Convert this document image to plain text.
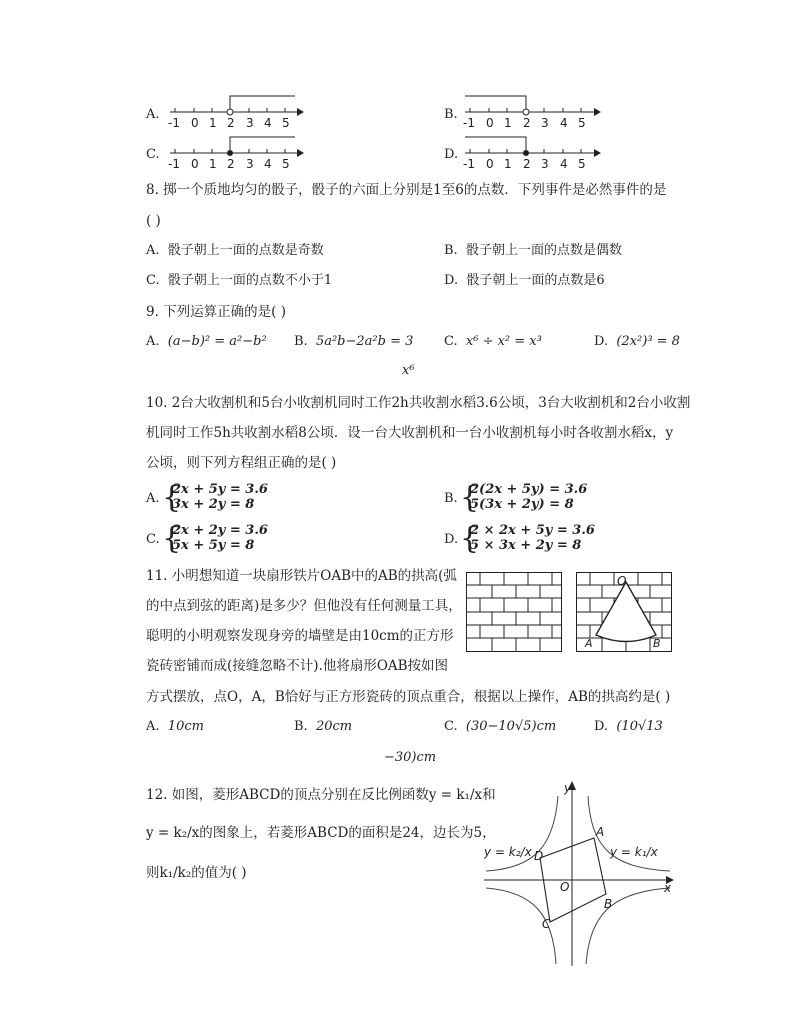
A.
-1 0 1 2 3 4 5
B.
-1 0 1 2 3 4 5
C.
-1 0 1 2 3 4 5
D.
-1 0 1 2 3 4 5
8. 掷一个质地均匀的骰子，骰子的六面上分别是1至6的点数．下列事件是必然事件的是
( )
A. 骰子朝上一面的点数是奇数	B. 骰子朝上一面的点数是偶数
C. 骰子朝上一面的点数不小于1	D. 骰子朝上一面的点数是6
9. 下列运算正确的是( )
A. (a−b)² = a²−b² B. 5a²b−2a²b = 3 C. x⁶ ÷ x² = x³	D. (2x²)³ = 8
x⁶
10. 2台大收割机和5台小收割机同时工作2h共收割水稻3.6公顷，3台大收割机和2台小收割
机同时工作5h共收割水稻8公顷．设一台大收割机和一台小收割机每小时各收割水稻x，y
公顷，则下列方程组正确的是( )
A. {
2x + 5y = 3.6
3x + 2y = 8	B. {
2(2x + 5y) = 3.6
5(3x + 2y) = 8
C. {
2x + 2y = 3.6
5x + 5y = 8	D. {
2 × 2x + 5y = 3.6
5 × 3x + 2y = 8
11. 小明想知道一块扇形铁片OAB中的AB的拱高(弧
的中点到弦的距离)是多少？但他没有任何测量工具，
聪明的小明观察发现身旁的墙壁是由10cm的正方形
瓷砖密铺而成(接缝忽略不计).他将扇形OAB按如图
方式摆放，点O，A，B恰好与正方形瓷砖的顶点重合，根据以上操作，AB的拱高约是( )
O
A	B
A. 10cm	B. 20cm	C. (30−10√5)cm	D. (10√13
−30)cm
12. 如图，菱形ABCD的顶点分别在反比例函数y = k₁/x和
y = k₂/x的图象上，若菱形ABCD的面积是24，边长为5，
则k₁/k₂的值为( )
y
x
O
A
B
C
D
y = k₂/x	y = k₁/x
